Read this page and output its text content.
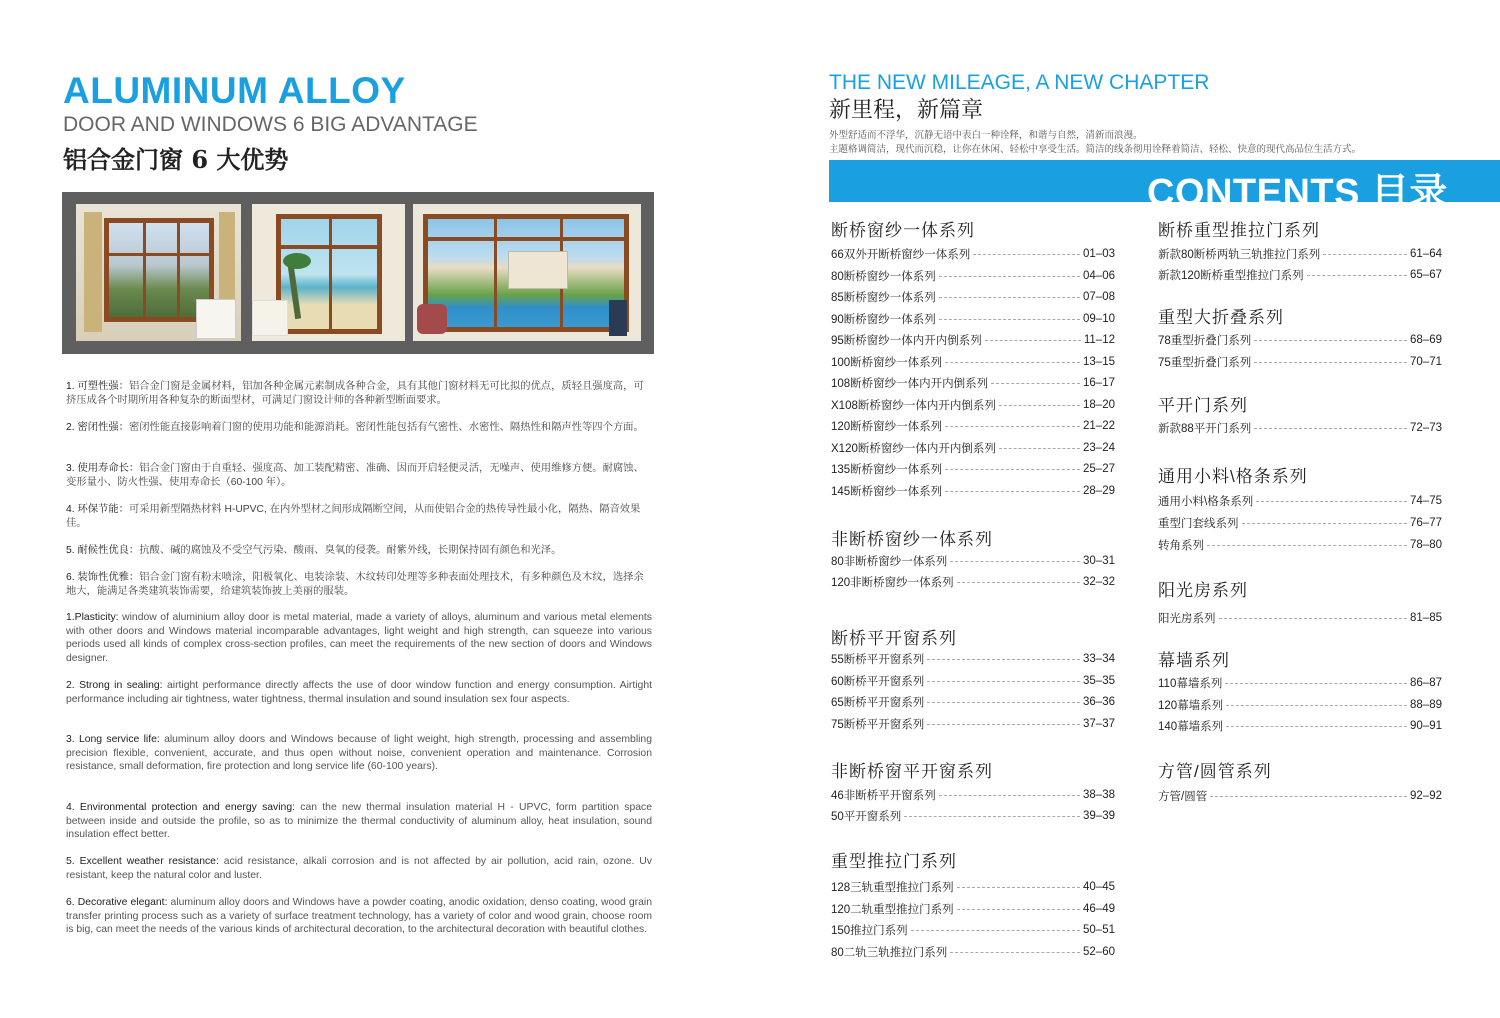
ALUMINUM ALLOY
DOOR AND WINDOWS 6 BIG ADVANTAGE
铝合金门窗 6 大优势
1. 可塑性强：铝合金门窗是金属材料，铝加各种金属元素制成各种合金，具有其他门窗材料无可比拟的优点，质轻且强度高，可挤压成各个时期所用各种复杂的断面型材，可满足门窗设计师的各种新型断面要求。
2. 密闭性强：密闭性能直接影响着门窗的使用功能和能源消耗。密闭性能包括有气密性、水密性、隔热性和隔声性等四个方面。
3. 使用寿命长：铝合金门窗由于自重轻、强度高、加工装配精密、准确、因而开启轻便灵活，无噪声、使用维修方便。耐腐蚀、变形量小、防火性强、使用寿命长（60-100 年）。
4. 环保节能：可采用新型隔热材料 H-UPVC, 在内外型材之间形成隔断空间，从而使铝合金的热传导性最小化，隔热、隔音效果佳。
5. 耐候性优良：抗酸、碱的腐蚀及不受空气污染、酸雨、臭氧的侵袭。耐紫外线，长期保持固有颜色和光泽。
6. 装饰性优雅：铝合金门窗有粉末喷涂，阳极氧化、电装涂装、木纹转印处理等多种表面处理技术，有多种颜色及木纹，选择余地大，能满足各类建筑装饰需要，给建筑装饰披上美丽的服装。
1.Plasticity: window of aluminium alloy door is metal material, made a variety of alloys, aluminum and various metal elements with other doors and Windows material incomparable advantages, light weight and high strength, can squeeze into various periods used all kinds of complex cross-section profiles, can meet the requirements of the new section of doors and Windows designer.
2. Strong in sealing: airtight performance directly affects the use of door window function and energy consumption. Airtight performance including air tightness, water tightness, thermal insulation and sound insulation sex four aspects.
3. Long service life: aluminum alloy doors and Windows because of light weight, high strength, processing and assembling precision flexible, convenient, accurate, and thus open without noise, convenient operation and maintenance. Corrosion resistance, small deformation, fire protection and long service life (60-100 years).
4. Environmental protection and energy saving: can the new thermal insulation material H - UPVC, form partition space between inside and outside the profile, so as to minimize the thermal conductivity of aluminum alloy, heat insulation, sound insulation effect better.
5. Excellent weather resistance: acid resistance, alkali corrosion and is not affected by air pollution, acid rain, ozone. Uv resistant, keep the natural color and luster.
6. Decorative elegant: aluminum alloy doors and Windows have a powder coating, anodic oxidation, denso coating, wood grain transfer printing process such as a variety of surface treatment technology, has a variety of color and wood grain, choose room is big, can meet the needs of the various kinds of architectural decoration, to the architectural decoration with beautiful clothes.
THE NEW MILEAGE, A NEW CHAPTER
新里程，新篇章
外型舒适而不浮华，沉静无语中表白一种诠释，和谐与自然，清新而浪漫。
主题格调简洁，现代而沉稳，让你在休闲、轻松中享受生活。简洁的线条彻用诠释着简洁、轻松、快意的现代高品位生活方式。
CONTENTS 目录
断桥窗纱一体系列
66双外开断桥窗纱一体系列	01–03
80断桥窗纱一体系列	04–06
85断桥窗纱一体系列	07–08
90断桥窗纱一体系列	09–10
95断桥窗纱一体内开内倒系列	11–12
100断桥窗纱一体系列	13–15
108断桥窗纱一体内开内倒系列	16–17
X108断桥窗纱一体内开内倒系列	18–20
120断桥窗纱一体系列	21–22
X120断桥窗纱一体内开内倒系列	23–24
135断桥窗纱一体系列	25–27
145断桥窗纱一体系列	28–29
非断桥窗纱一体系列
80非断桥窗纱一体系列	30–31
120非断桥窗纱一体系列	32–32
断桥平开窗系列
55断桥平开窗系列	33–34
60断桥平开窗系列	35–35
65断桥平开窗系列	36–36
75断桥平开窗系列	37–37
非断桥窗平开窗系列
46非断桥平开窗系列	38–38
50平开窗系列	39–39
重型推拉门系列
128三轨重型推拉门系列	40–45
120二轨重型推拉门系列	46–49
150推拉门系列	50–51
80二轨三轨推拉门系列	52–60
断桥重型推拉门系列
新款80断桥两轨三轨推拉门系列	61–64
新款120断桥重型推拉门系列	65–67
重型大折叠系列
78重型折叠门系列	68–69
75重型折叠门系列	70–71
平开门系列
新款88平开门系列	72–73
通用小料\格条系列
通用小料\格条系列	74–75
重型门套线系列	76–77
转角系列	78–80
阳光房系列
阳光房系列	81–85
幕墙系列
110幕墙系列	86–87
120幕墙系列	88–89
140幕墙系列	90–91
方管/圆管系列
方管/圆管	92–92
